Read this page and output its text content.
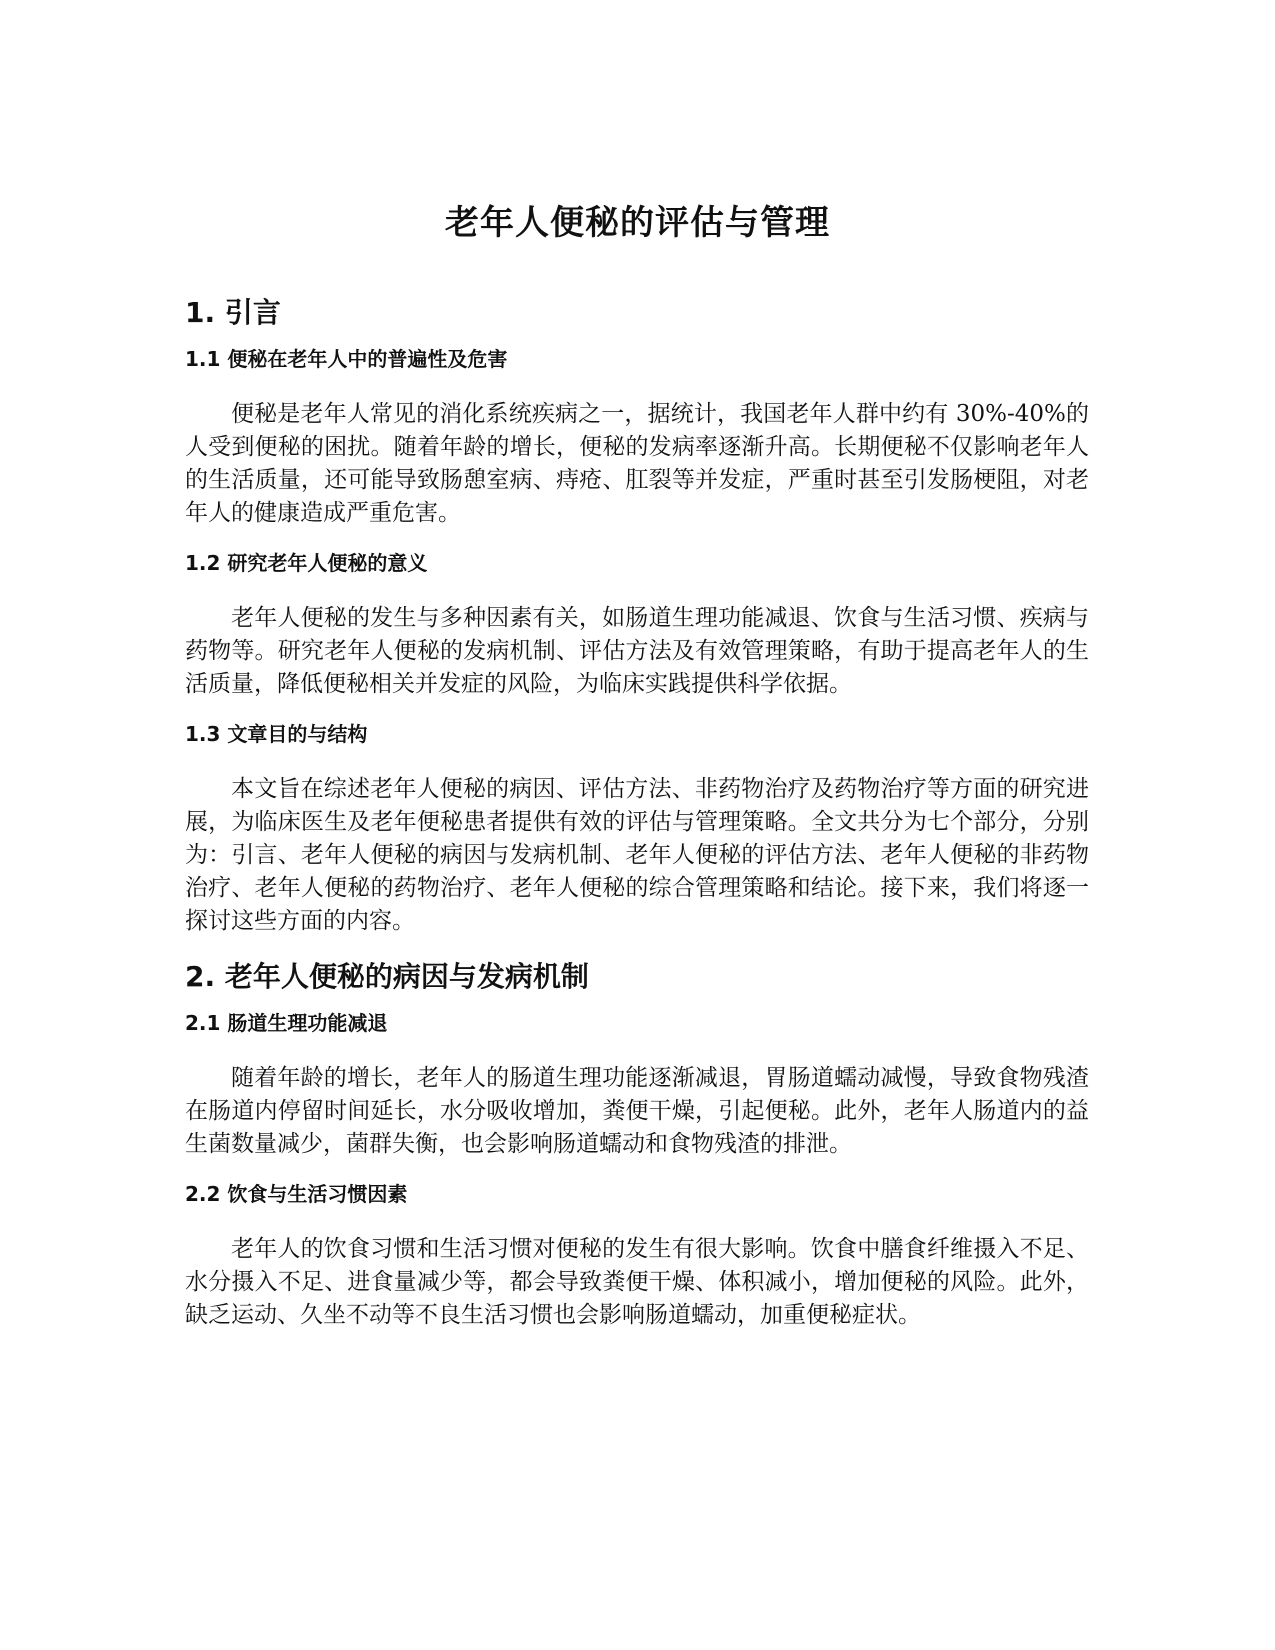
老年人便秘的评估与管理
1. 引言
1.1 便秘在老年人中的普遍性及危害

便秘是老年人常见的消化系统疾病之一，据统计，我国老年人群中约有 30%-40%的人受到便秘的困扰。随着年龄的增长，便秘的发病率逐渐升高。长期便秘不仅影响老年人的生活质量，还可能导致肠憩室病、痔疮、肛裂等并发症，严重时甚至引发肠梗阻，对老年人的健康造成严重危害。

1.2 研究老年人便秘的意义

老年人便秘的发生与多种因素有关，如肠道生理功能减退、饮食与生活习惯、疾病与药物等。研究老年人便秘的发病机制、评估方法及有效管理策略，有助于提高老年人的生活质量，降低便秘相关并发症的风险，为临床实践提供科学依据。

1.3 文章目的与结构

本文旨在综述老年人便秘的病因、评估方法、非药物治疗及药物治疗等方面的研究进展，为临床医生及老年便秘患者提供有效的评估与管理策略。全文共分为七个部分，分别为：引言、老年人便秘的病因与发病机制、老年人便秘的评估方法、老年人便秘的非药物治疗、老年人便秘的药物治疗、老年人便秘的综合管理策略和结论。接下来，我们将逐一探讨这些方面的内容。

2. 老年人便秘的病因与发病机制
2.1 肠道生理功能减退

随着年龄的增长，老年人的肠道生理功能逐渐减退，胃肠道蠕动减慢，导致食物残渣在肠道内停留时间延长，水分吸收增加，粪便干燥，引起便秘。此外，老年人肠道内的益生菌数量减少，菌群失衡，也会影响肠道蠕动和食物残渣的排泄。

2.2 饮食与生活习惯因素

老年人的饮食习惯和生活习惯对便秘的发生有很大影响。饮食中膳食纤维摄入不足、水分摄入不足、进食量减少等，都会导致粪便干燥、体积减小，增加便秘的风险。此外，缺乏运动、久坐不动等不良生活习惯也会影响肠道蠕动，加重便秘症状。
